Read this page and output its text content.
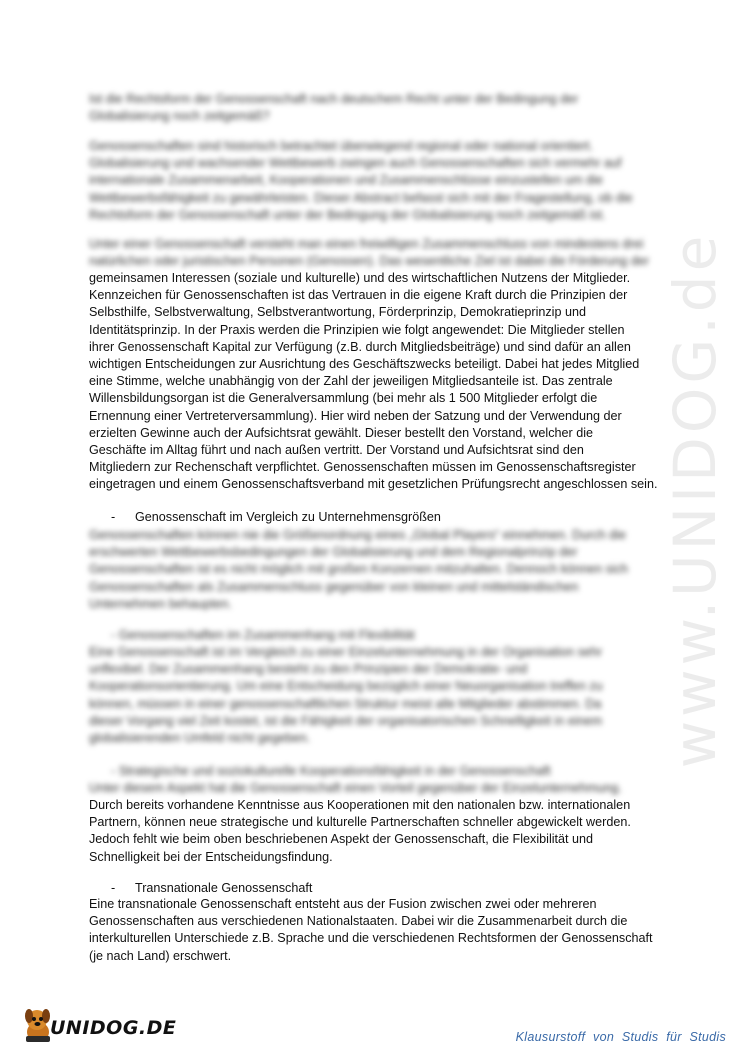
www.UNIDOG.de
Ist die Rechtsform der Genossenschaft nach deutschem Recht unter der Bedingung der
Globalisierung noch zeitgemäß?
Genossenschaften sind historisch betrachtet überwiegend regional oder national orientiert.
Globalisierung und wachsender Wettbewerb zwingen auch Genossenschaften sich vermehr auf
internationale Zusammenarbeit, Kooperationen und Zusammenschlüsse einzustellen um die
Wettbewerbsfähigkeit zu gewährleisten. Dieser Abstract befasst sich mit der Fragestellung, ob die
Rechtsform der Genossenschaft unter der Bedingung der Globalisierung noch zeitgemäß ist.
Unter einer Genossenschaft versteht man einen freiwilligen Zusammenschluss von mindestens drei
natürlichen oder juristischen Personen (Genossen). Das wesentliche Ziel ist dabei die Förderung der
gemeinsamen Interessen (soziale und kulturelle) und des wirtschaftlichen Nutzens der Mitglieder.
Kennzeichen für Genossenschaften ist das Vertrauen in die eigene Kraft durch die Prinzipien der
Selbsthilfe, Selbstverwaltung, Selbstverantwortung, Förderprinzip, Demokratieprinzip und
Identitätsprinzip. In der Praxis werden die Prinzipien wie folgt angewendet: Die Mitglieder stellen
ihrer Genossenschaft Kapital zur Verfügung (z.B. durch Mitgliedsbeiträge) und sind dafür an allen
wichtigen Entscheidungen zur Ausrichtung des Geschäftszwecks beteiligt. Dabei hat jedes Mitglied
eine Stimme, welche unabhängig von der Zahl der jeweiligen Mitgliedsanteile ist. Das zentrale
Willensbildungsorgan ist die Generalversammlung (bei mehr als 1 500 Mitglieder erfolgt die
Ernennung einer Vertreterversammlung). Hier wird neben der Satzung und der Verwendung der
erzielten Gewinne auch der Aufsichtsrat gewählt. Dieser bestellt den Vorstand, welcher die
Geschäfte im Alltag führt und nach außen vertritt. Der Vorstand und Aufsichtsrat sind den
Mitgliedern zur Rechenschaft verpflichtet. Genossenschaften müssen im Genossenschaftsregister
eingetragen und einem Genossenschaftsverband mit gesetzlichen Prüfungsrecht angeschlossen sein.
- Genossenschaft im Vergleich zu Unternehmensgrößen
Genossenschaften können nie die Größenordnung eines „Global Players“ einnehmen. Durch die
erschwerten Wettbewerbsbedingungen der Globalisierung und dem Regionalprinzip der
Genossenschaften ist es nicht möglich mit großen Konzernen mitzuhalten. Dennoch können sich
Genossenschaften als Zusammenschluss gegenüber von kleinen und mittelständischen
Unternehmen behaupten.
- Genossenschaften im Zusammenhang mit Flexibilität
Eine Genossenschaft ist im Vergleich zu einer Einzelunternehmung in der Organisation sehr
unflexibel. Der Zusammenhang besteht zu den Prinzipien der Demokratie- und
Kooperationsorientierung. Um eine Entscheidung bezüglich einer Neuorganisation treffen zu
können, müssen in einer genossenschaftlichen Struktur meist alle Mitglieder abstimmen. Da
dieser Vorgang viel Zeit kostet, ist die Fähigkeit der organisatorischen Schnelligkeit in einem
globalisierenden Umfeld nicht gegeben.
- Strategische und soziokulturelle Kooperationsfähigkeit in der Genossenschaft
Unter diesem Aspekt hat die Genossenschaft einen Vorteil gegenüber der Einzelunternehmung.
Durch bereits vorhandene Kenntnisse aus Kooperationen mit den nationalen bzw. internationalen
Partnern, können neue strategische und kulturelle Partnerschaften schneller abgewickelt werden.
Jedoch fehlt wie beim oben beschriebenen Aspekt der Genossenschaft, die Flexibilität und
Schnelligkeit bei der Entscheidungsfindung.
- Transnationale Genossenschaft
Eine transnationale Genossenschaft entsteht aus der Fusion zwischen zwei oder mehreren
Genossenschaften aus verschiedenen Nationalstaaten. Dabei wir die Zusammenarbeit durch die
interkulturellen Unterschiede z.B. Sprache und die verschiedenen Rechtsformen der Genossenschaft
(je nach Land) erschwert.
UNIDOG.DE	Klausurstoff von Studis für Studis
